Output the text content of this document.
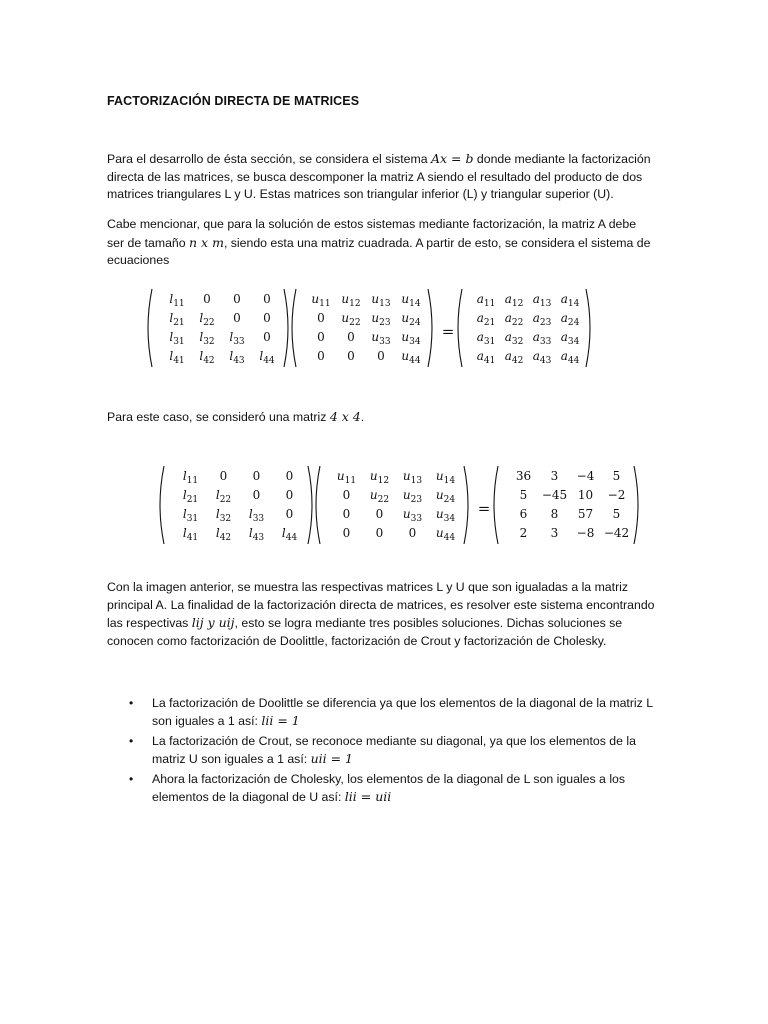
FACTORIZACIÓN DIRECTA DE MATRICES
Para el desarrollo de ésta sección, se considera el sistema Ax = b donde mediante la factorización
directa de las matrices, se busca descomponer la matriz A siendo el resultado del producto de dos
matrices triangulares L y U. Estas matrices son triangular inferior (L) y triangular superior (U).
Cabe mencionar, que para la solución de estos sistemas mediante factorización, la matriz A debe
ser de tamaño n x m, siendo esta una matriz cuadrada. A partir de esto, se considera el sistema de
ecuaciones
$l_{11}$ 0 0 0
$l_{21}$ $l_{22}$ 0 0
$l_{31}$ $l_{32}$ $l_{33}$ 0
$l_{41}$ $l_{42}$ $l_{43}$ $l_{44}$
$u_{11}$ $u_{12}$ $u_{13}$ $u_{14}$
0 $u_{22}$ $u_{23}$ $u_{24}$
0 0 $u_{33}$ $u_{34}$
0 0 0 $u_{44}$
=
$a_{11}$ $a_{12}$ $a_{13}$ $a_{14}$
$a_{21}$ $a_{22}$ $a_{23}$ $a_{24}$
$a_{31}$ $a_{32}$ $a_{33}$ $a_{34}$
$a_{41}$ $a_{42}$ $a_{43}$ $a_{44}$
Para este caso, se consideró una matriz 4 x 4.
$l_{11}$ 0 0 0
$l_{21}$ $l_{22}$ 0 0
$l_{31}$ $l_{32}$ $l_{33}$ 0
$l_{41}$ $l_{42}$ $l_{43}$ $l_{44}$
$u_{11}$ $u_{12}$ $u_{13}$ $u_{14}$
0 $u_{22}$ $u_{23}$ $u_{24}$
0 0 $u_{33}$ $u_{34}$
0 0 0 $u_{44}$
=
36 3 −4 5
5 −45 10 −2
6 8 57 5
2 3 −8 −42
Con la imagen anterior, se muestra las respectivas matrices L y U que son igualadas a la matriz
principal A. La finalidad de la factorización directa de matrices, es resolver este sistema encontrando
las respectivas lij y uij, esto se logra mediante tres posibles soluciones. Dichas soluciones se
conocen como factorización de Doolittle, factorización de Crout y factorización de Cholesky.
• La factorización de Doolittle se diferencia ya que los elementos de la diagonal de la matriz L
son iguales a 1 así: lii = 1
• La factorización de Crout, se reconoce mediante su diagonal, ya que los elementos de la
matriz U son iguales a 1 así: uii = 1
• Ahora la factorización de Cholesky, los elementos de la diagonal de L son iguales a los
elementos de la diagonal de U así: lii = uii
